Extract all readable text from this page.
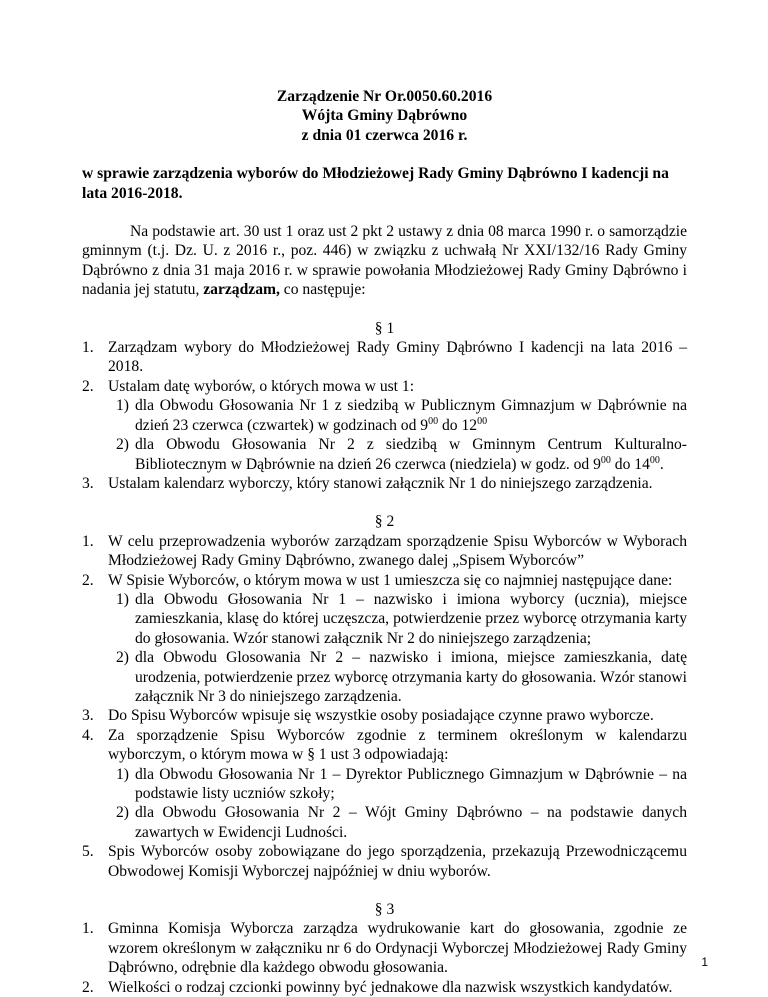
Zarządzenie Nr Or.0050.60.2016
Wójta Gminy Dąbrówno
z dnia 01 czerwca 2016 r.
w sprawie zarządzenia wyborów do Młodzieżowej Rady Gminy Dąbrówno I kadencji na lata 2016-2018.
Na podstawie art. 30 ust 1 oraz ust 2 pkt 2 ustawy z dnia 08 marca 1990 r. o samorządzie gminnym (t.j. Dz. U. z 2016 r., poz. 446) w związku z uchwałą Nr XXI/132/16 Rady Gminy Dąbrówno z dnia 31 maja 2016 r. w sprawie powołania Młodzieżowej Rady Gminy Dąbrówno i nadania jej statutu, zarządzam, co następuje:
§ 1
1. Zarządzam wybory do Młodzieżowej Rady Gminy Dąbrówno I kadencji na lata 2016 – 2018.
2. Ustalam datę wyborów, o których mowa w ust 1:
1) dla Obwodu Głosowania Nr 1 z siedzibą w Publicznym Gimnazjum w Dąbrównie na dzień 23 czerwca (czwartek) w godzinach od $9^{00}$ do $12^{00}$
2) dla Obwodu Głosowania Nr 2 z siedzibą w Gminnym Centrum Kulturalno-Bibliotecznym w Dąbrównie na dzień 26 czerwca (niedziela) w godz. od $9^{00}$ do $14^{00}$.
3. Ustalam kalendarz wyborczy, który stanowi załącznik Nr 1 do niniejszego zarządzenia.
§ 2
1. W celu przeprowadzenia wyborów zarządzam sporządzenie Spisu Wyborców w Wyborach Młodzieżowej Rady Gminy Dąbrówno, zwanego dalej „Spisem Wyborców”
2. W Spisie Wyborców, o którym mowa w ust 1 umieszcza się co najmniej następujące dane:
1) dla Obwodu Głosowania Nr 1 – nazwisko i imiona wyborcy (ucznia), miejsce zamieszkania, klasę do której uczęszcza, potwierdzenie przez wyborcę otrzymania karty do głosowania. Wzór stanowi załącznik Nr 2 do niniejszego zarządzenia;
2) dla Obwodu Glosowania Nr 2 – nazwisko i imiona, miejsce zamieszkania, datę urodzenia, potwierdzenie przez wyborcę otrzymania karty do głosowania. Wzór stanowi załącznik Nr 3 do niniejszego zarządzenia.
3. Do Spisu Wyborców wpisuje się wszystkie osoby posiadające czynne prawo wyborcze.
4. Za sporządzenie Spisu Wyborców zgodnie z terminem określonym w kalendarzu wyborczym, o którym mowa w § 1 ust 3 odpowiadają:
1) dla Obwodu Głosowania Nr 1 – Dyrektor Publicznego Gimnazjum w Dąbrównie – na podstawie listy uczniów szkoły;
2) dla Obwodu Głosowania Nr 2 – Wójt Gminy Dąbrówno – na podstawie danych zawartych w Ewidencji Ludności.
5. Spis Wyborców osoby zobowiązane do jego sporządzenia, przekazują Przewodniczącemu Obwodowej Komisji Wyborczej najpóźniej w dniu wyborów.
§ 3
1. Gminna Komisja Wyborcza zarządza wydrukowanie kart do głosowania, zgodnie ze wzorem określonym w załączniku nr 6 do Ordynacji Wyborczej Młodzieżowej Rady Gminy Dąbrówno, odrębnie dla każdego obwodu głosowania.
2. Wielkości o rodzaj czcionki powinny być jednakowe dla nazwisk wszystkich kandydatów.
1
